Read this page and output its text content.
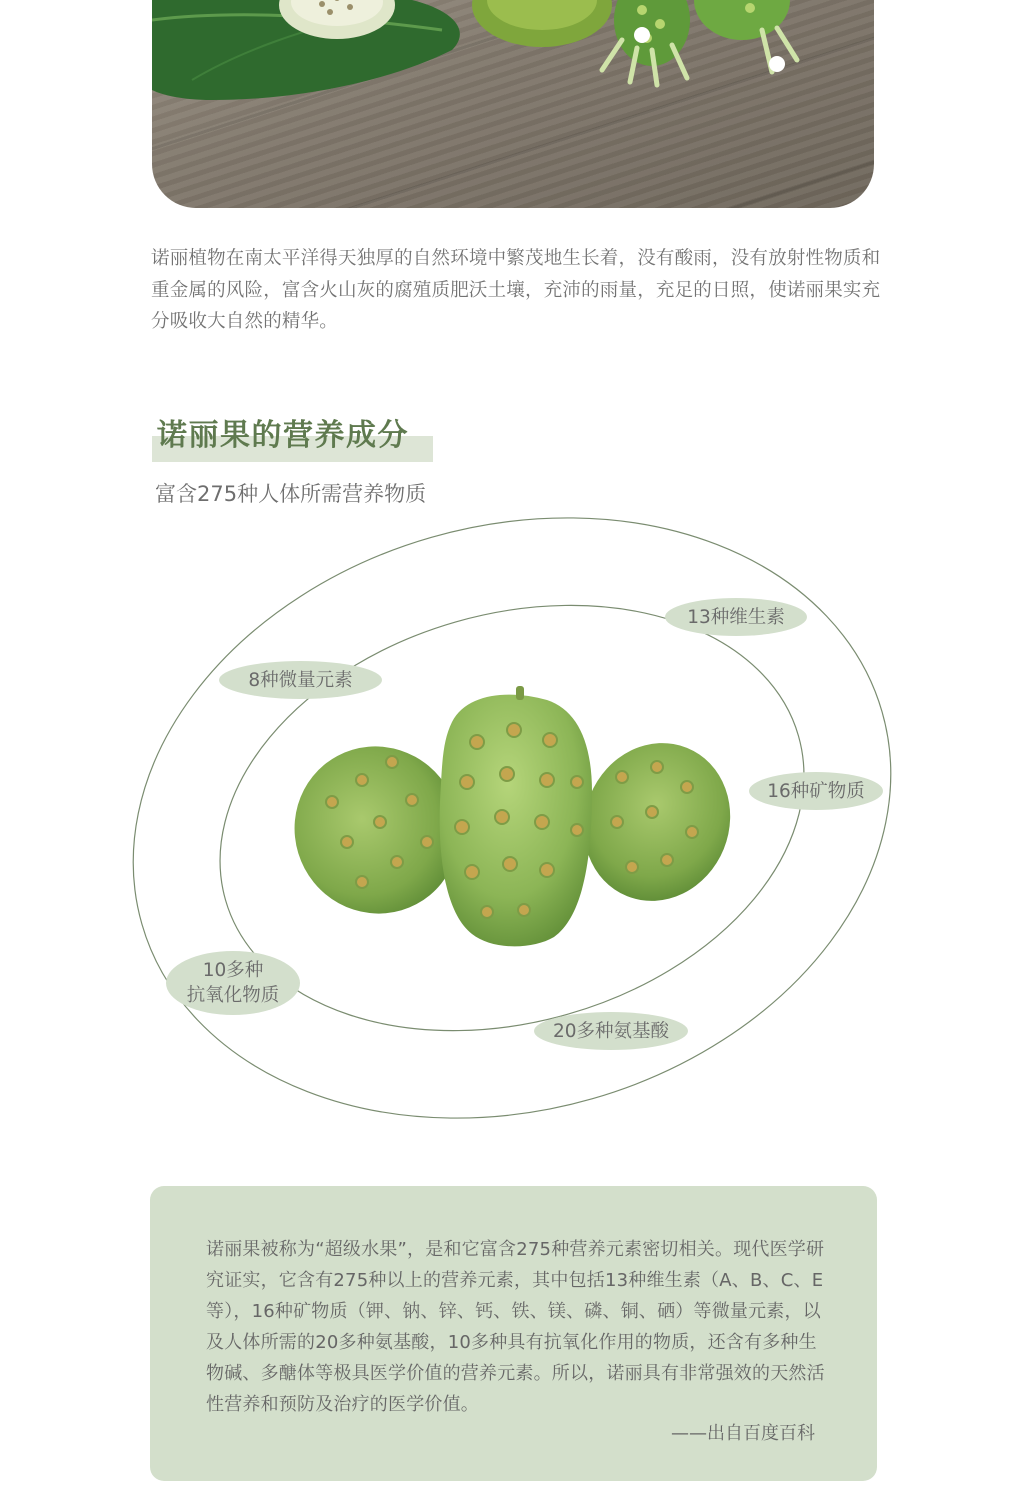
诺丽植物在南太平洋得天独厚的自然环境中繁茂地生长着，没有酸雨，没有放射性物质和重金属的风险，富含火山灰的腐殖质肥沃土壤，充沛的雨量，充足的日照，使诺丽果实充分吸收大自然的精华。

诺丽果的营养成分

富含275种人体所需营养物质

13种维生素
8种微量元素
16种矿物质
10多种
抗氧化物质
20多种氨基酸

诺丽果被称为“超级水果”，是和它富含275种营养元素密切相关。现代医学研究证实，它含有275种以上的营养元素，其中包括13种维生素（A、B、C、E等），16种矿物质（钾、钠、锌、钙、铁、镁、磷、铜、硒）等微量元素，以及人体所需的20多种氨基酸，10多种具有抗氧化作用的物质，还含有多种生物碱、多醣体等极具医学价值的营养元素。所以，诺丽具有非常强效的天然活性营养和预防及治疗的医学价值。

——出自百度百科
